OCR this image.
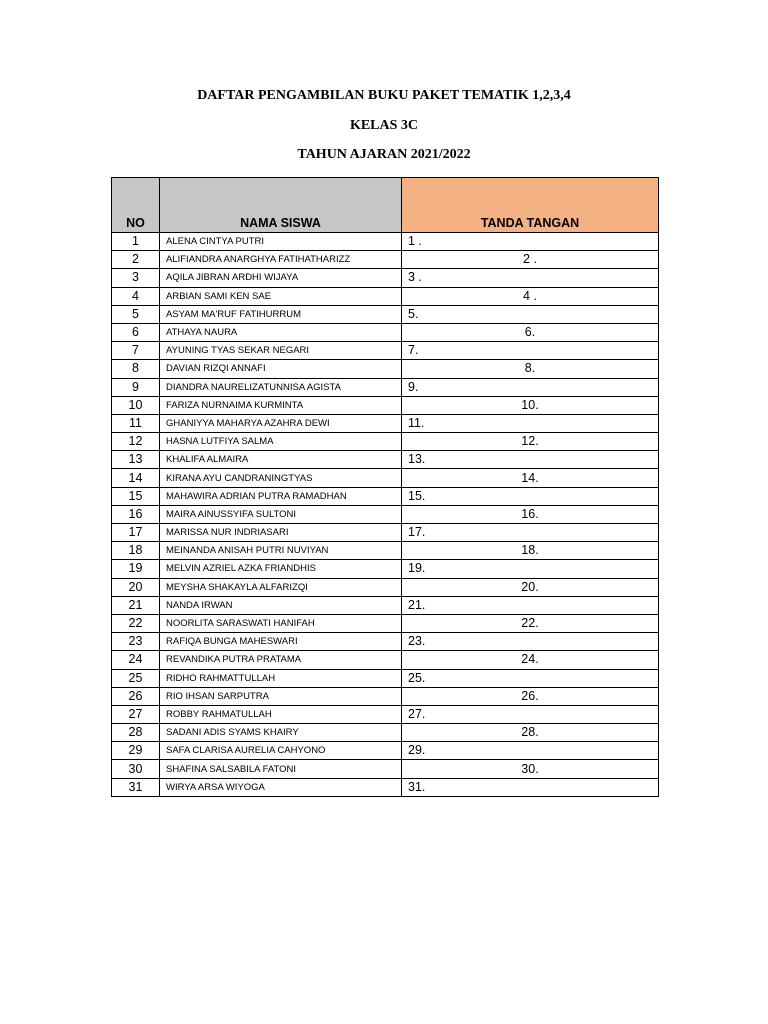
DAFTAR PENGAMBILAN BUKU PAKET TEMATIK 1,2,3,4
KELAS 3C
TAHUN AJARAN 2021/2022
NO	NAMA SISWA	TANDA TANGAN
1	ALENA CINTYA PUTRI	1 .
2	ALIFIANDRA ANARGHYA FATIHATHARIZZ	2 .
3	AQILA JIBRAN ARDHI WIJAYA	3 .
4	ARBIAN SAMI KEN SAE	4 .
5	ASYAM MA'RUF FATIHURRUM	5.
6	ATHAYA NAURA	6.
7	AYUNING TYAS SEKAR NEGARI	7.
8	DAVIAN RIZQI ANNAFI	8.
9	DIANDRA NAURELIZATUNNISA AGISTA	9.
10	FARIZA NURNAIMA KURMINTA	10.
11	GHANIYYA MAHARYA AZAHRA DEWI	11.
12	HASNA LUTFIYA SALMA	12.
13	KHALIFA ALMAIRA	13.
14	KIRANA AYU CANDRANINGTYAS	14.
15	MAHAWIRA ADRIAN PUTRA RAMADHAN	15.
16	MAIRA AINUSSYIFA SULTONI	16.
17	MARISSA NUR INDRIASARI	17.
18	MEINANDA ANISAH PUTRI NUVIYAN	18.
19	MELVIN AZRIEL AZKA FRIANDHIS	19.
20	MEYSHA SHAKAYLA ALFARIZQI	20.
21	NANDA IRWAN	21.
22	NOORLITA SARASWATI HANIFAH	22.
23	RAFIQA BUNGA MAHESWARI	23.
24	REVANDIKA PUTRA PRATAMA	24.
25	RIDHO RAHMATTULLAH	25.
26	RIO IHSAN SARPUTRA	26.
27	ROBBY RAHMATULLAH	27.
28	SADANI ADIS SYAMS KHAIRY	28.
29	SAFA CLARISA AURELIA CAHYONO	29.
30	SHAFINA SALSABILA FATONI	30.
31	WIRYA ARSA WIYOGA	31.
